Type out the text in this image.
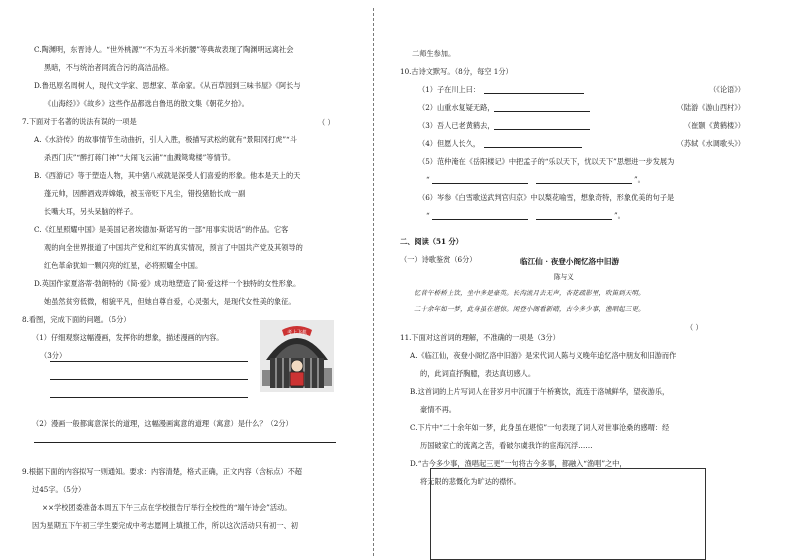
C.陶渊明，东晋诗人。“世外桃源”“不为五斗米折腰”等典故表现了陶渊明远离社会
黑暗，不与统治者同流合污的高洁品格。
D.鲁迅原名周树人，现代文学家、思想家、革命家。《从百草园到三味书屋》《阿长与
《山海经》》《故乡》这些作品都选自鲁迅的散文集《朝花夕拾》。
7.下面对于名著的说法有误的一项是
A.《水浒传》的故事情节生动曲折，引人入胜，极描写武松的就有“景阳冈打虎”“斗
杀西门庆”“醉打蒋门神”“大闹飞云浦”“血溅鸳鸯楼”等情节。
B.《西游记》等于塑造人物，其中猪八戒就是深受人们喜爱的形象。他本是天上的天
蓬元帅，因醉酒戏弄嫦娥，被玉帝贬下凡尘，错投猪胎长成一副
长嘴大耳，另头呆脑的样子。
C.《红星照耀中国》是美国记者埃德加·斯诺写的一部“用事实说话”的作品。它客
观的向全世界报道了中国共产党和红军的真实情况，预言了中国共产党及其领导的
红色革命犹如一颗闪亮的红星，必将照耀全中国。
D.英国作家夏洛蒂·勃朗特的《简·爱》成功地塑造了简·爱这样一个独特的女性形象。
她虽然贫穷低微，相貌平凡，但她自尊自爱，心灵强大，是现代女性美的象征。
8.看图，完成下面的问题。（5分）
（1）仔细观察这幅漫画，发挥你的想象，描述漫画的内容。
（3分）
（2）漫画一般都寓意深长的道理，这幅漫画寓意的道理（寓意）是什么？（2分）
9.根据下面的内容拟写一则通知。要求：内容清楚，格式正确，正文内容（含标点）不超
过45字。（5分）
××学校团委准备本周五下午三点在学校报告厅举行全校性的“端午诗会”活动。
因为星期五下午初三学生要完成中考志愿网上填报工作，所以这次活动只有初一、初
二师生参加。
10.古诗文默写。（8分，每空 1分）
（1）子在川上曰：
（2）山重水复疑无路，
（3）吾人已老黄鹤去，
（4）但愿人长久，
（5）范仲淹在《岳阳楼记》中把孟子的“乐以天下，忧以天下”思想进一步发展为
“
（6）岑参《白雪歌送武判官归京》中以梨花喻雪，想象奇特，形象优美的句子是
“
二、阅读（51 分）
（一）诗歌鉴赏（6分）
11.下面对这首词的理解，不准确的一项是（3分）
A.《临江仙，夜登小阁忆洛中旧游》是宋代词人陈与义晚年追忆洛中朋友和旧游而作
的，此词直抒胸臆，表达真切感人。
B.这首词的上片写词人在昔岁月中沉湎于午桥赛饮，流连于洛城鲜华，望夜游乐，
豪情不再。
C.下片中“二十余年如一梦，此身虽在堪惊”一句表现了词人对世事沧桑的感喟：经
历国破家亡的流离之苦，看破尔虞我诈的宦海沉浮……
D.“古今多少事，渔唱起三更”一句将古今多事，都融入“渔唱”之中，
将无限的悲慨化为旷达的襟怀。
（《论语》）
（陆游《游山西村》）
（崔颢《黄鹤楼》）
（苏轼《水调歌头》）
（ ）
”。
”。
临江仙 · 夜登小阁忆洛中旧游
陈与义
忆昔午桥桥上饮，坐中多是豪英。长沟流月去无声，杏花疏影里，吹笛到天明。
二十余年如一梦，此身虽在堪惊。闲登小阁看新晴，古今多少事，渔唱起三更。
（ ）
考上飞机
